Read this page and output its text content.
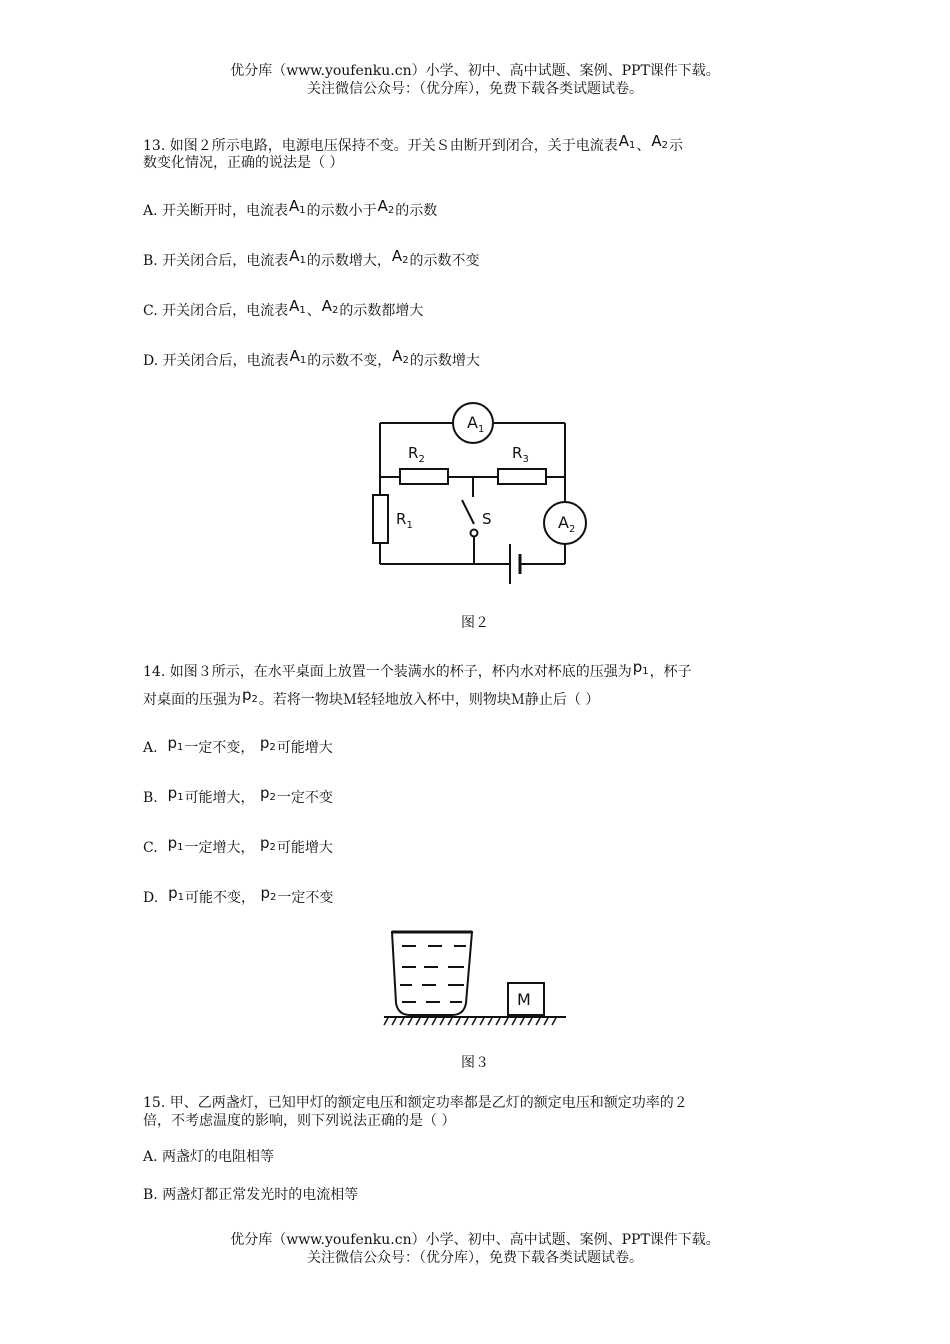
优分库（www.youfenku.cn）小学、初中、高中试题、案例、PPT课件下载。
关注微信公众号：（优分库），免费下载各类试题试卷。
13. 如图２所示电路，电源电压保持不变。开关Ｓ由断开到闭合，关于电流表$A_1$、$A_2$示
数变化情况，正确的说法是（ ）
A. 开关断开时，电流表$A_1$的示数小于$A_2$的示数
B. 开关闭合后，电流表$A_1$的示数增大，$A_2$的示数不变
C. 开关闭合后，电流表$A_1$、$A_2$的示数都增大
D. 开关闭合后，电流表$A_1$的示数不变，$A_2$的示数增大
$A_1$
$A_2$
$R_2$	$R_3$
$R_1$	S
图２
14. 如图３所示，在水平桌面上放置一个装满水的杯子，杯内水对杯底的压强为$p_1$，杯子
对桌面的压强为$p_2$。若将一物块Ｍ轻轻地放入杯中，则物块Ｍ静止后（ ）
A. $p_1$一定不变， $p_2$可能增大
B. $p_1$可能增大， $p_2$一定不变
C. $p_1$一定增大， $p_2$可能增大
D. $p_1$可能不变， $p_2$一定不变
M
图３
15. 甲、乙两盏灯，已知甲灯的额定电压和额定功率都是乙灯的额定电压和额定功率的２
倍，不考虑温度的影响，则下列说法正确的是（ ）
A. 两盏灯的电阻相等
B. 两盏灯都正常发光时的电流相等
优分库（www.youfenku.cn）小学、初中、高中试题、案例、PPT课件下载。
关注微信公众号：（优分库），免费下载各类试题试卷。
